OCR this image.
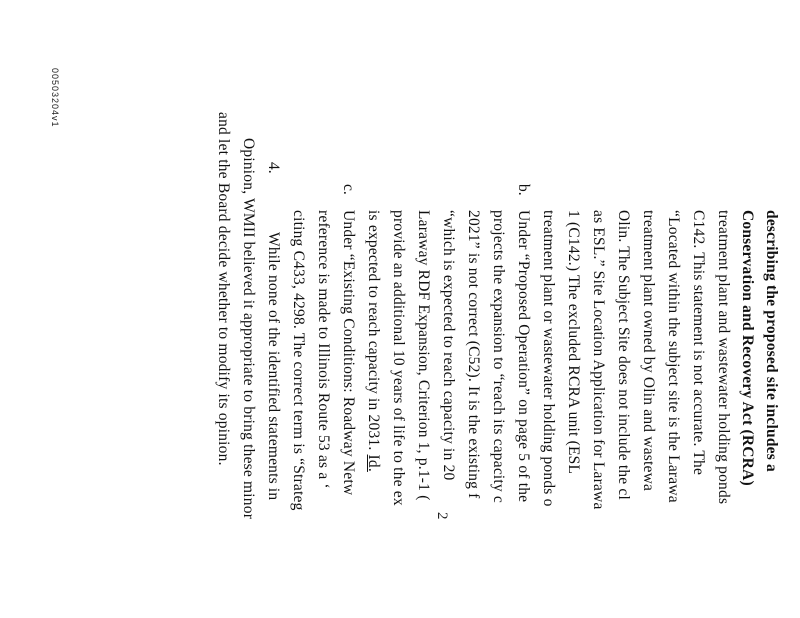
describing the proposed site includes a
Conservation and Recovery Act (RCRA)
treatment plant and wastewater holding ponds
C142. This statement is not accurate. The
“Located within the subject site is the Larawa
treatment plant owned by Olin and wastewa
Olin. The Subject Site does not include the cl
as ESL.” Site Location Application for Larawa
1 (C142.) The excluded RCRA unit (ESL
treatment plant or wastewater holding ponds o
b.
Under “Proposed Operation” on page 5 of the
projects the expansion to “reach its capacity c
2021” is not correct (C52). It is the existing f
“which is expected to reach capacity in 20
Laraway RDF Expansion, Criterion 1, p.1-1 (
provide an additional 10 years of life to the ex
is expected to reach capacity in 2031. Id.
c.
Under “Existing Conditions: Roadway Netw
reference is made to Illinois Route 53 as a ‘
citing C433, 4298. The correct term is “Strateg
4.
While none of the identified statements in
Opinion, WMII believed it appropriate to bring these minor
and let the Board decide whether to modify its opinion.
2
00503204v1
